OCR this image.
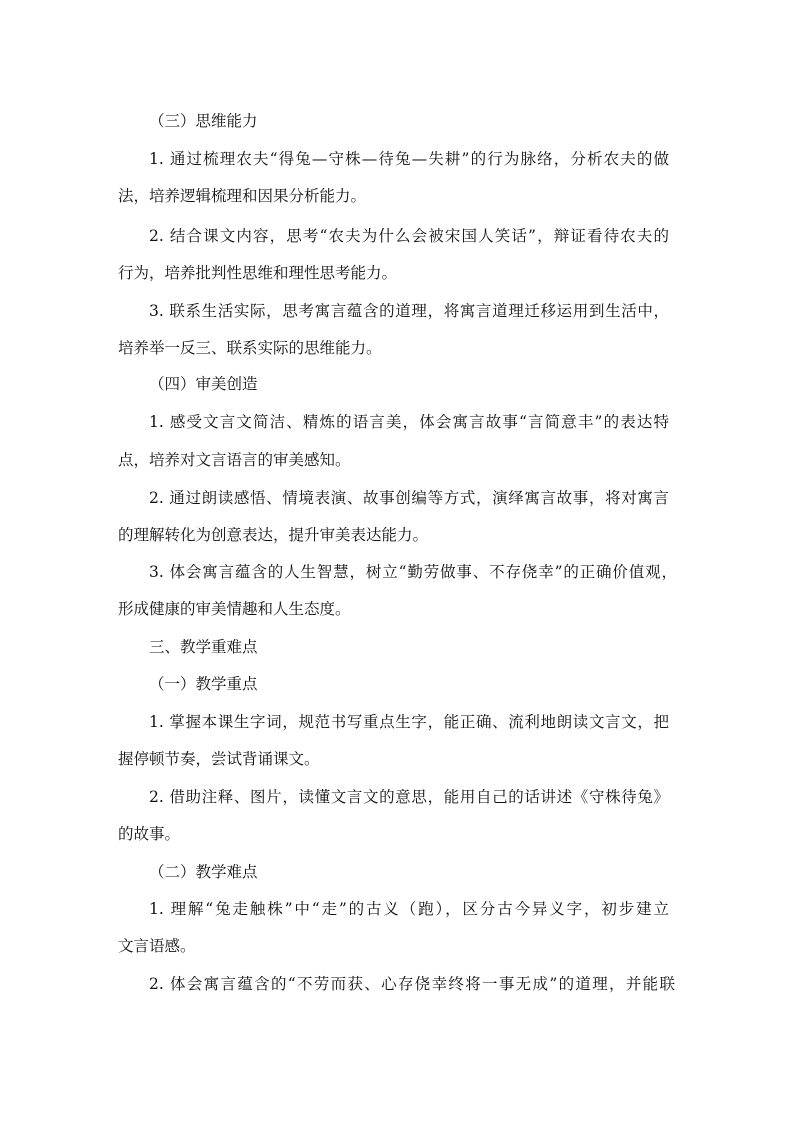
（三）思维能力
1. 通过梳理农夫“得兔—守株—待兔—失耕”的行为脉络，分析农夫的做
法，培养逻辑梳理和因果分析能力。
2. 结合课文内容，思考“农夫为什么会被宋国人笑话”，辩证看待农夫的
行为，培养批判性思维和理性思考能力。
3. 联系生活实际，思考寓言蕴含的道理，将寓言道理迁移运用到生活中，
培养举一反三、联系实际的思维能力。
（四）审美创造
1. 感受文言文简洁、精炼的语言美，体会寓言故事“言简意丰”的表达特
点，培养对文言语言的审美感知。
2. 通过朗读感悟、情境表演、故事创编等方式，演绎寓言故事，将对寓言
的理解转化为创意表达，提升审美表达能力。
3. 体会寓言蕴含的人生智慧，树立“勤劳做事、不存侥幸”的正确价值观，
形成健康的审美情趣和人生态度。
三、教学重难点
（一）教学重点
1. 掌握本课生字词，规范书写重点生字，能正确、流利地朗读文言文，把
握停顿节奏，尝试背诵课文。
2. 借助注释、图片，读懂文言文的意思，能用自己的话讲述《守株待兔》
的故事。
（二）教学难点
1. 理解“兔走触株”中“走”的古义（跑），区分古今异义字，初步建立
文言语感。
2. 体会寓言蕴含的“不劳而获、心存侥幸终将一事无成”的道理，并能联
